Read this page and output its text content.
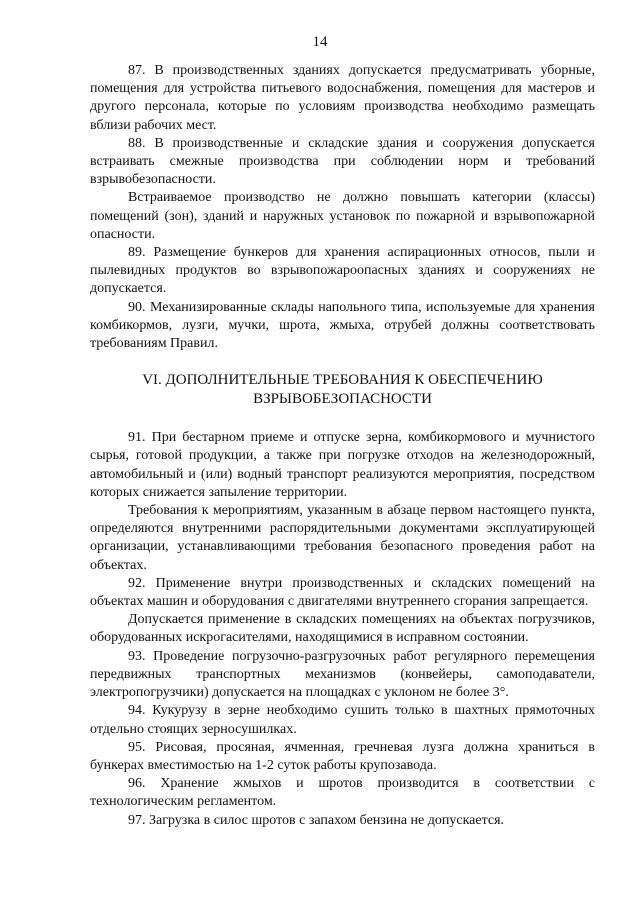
14

87. В производственных зданиях допускается предусматривать уборные, помещения для устройства питьевого водоснабжения, помещения для мастеров и другого персонала, которые по условиям производства необходимо размещать вблизи рабочих мест.

88. В производственные и складские здания и сооружения допускается встраивать смежные производства при соблюдении норм и требований взрывобезопасности.

Встраиваемое производство не должно повышать категории (классы) помещений (зон), зданий и наружных установок по пожарной и взрывопожарной опасности.

89. Размещение бункеров для хранения аспирационных относов, пыли и пылевидных продуктов во взрывопожароопасных зданиях и сооружениях не допускается.

90. Механизированные склады напольного типа, используемые для хранения комбикормов, лузги, мучки, шрота, жмыха, отрубей должны соответствовать требованиям Правил.

VI. ДОПОЛНИТЕЛЬНЫЕ ТРЕБОВАНИЯ К ОБЕСПЕЧЕНИЮ
ВЗРЫВОБЕЗОПАСНОСТИ

91. При бестарном приеме и отпуске зерна, комбикормового и мучнистого сырья, готовой продукции, а также при погрузке отходов на железнодорожный, автомобильный и (или) водный транспорт реализуются мероприятия, посредством которых снижается запыление территории.

Требования к мероприятиям, указанным в абзаце первом настоящего пункта, определяются внутренними распорядительными документами эксплуатирующей организации, устанавливающими требования безопасного проведения работ на объектах.

92. Применение внутри производственных и складских помещений на объектах машин и оборудования с двигателями внутреннего сгорания запрещается.

Допускается применение в складских помещениях на объектах погрузчиков, оборудованных искрогасителями, находящимися в исправном состоянии.

93. Проведение погрузочно-разгрузочных работ регулярного перемещения передвижных транспортных механизмов (конвейеры, самоподаватели, электропогрузчики) допускается на площадках с уклоном не более 3°.

94. Кукурузу в зерне необходимо сушить только в шахтных прямоточных отдельно стоящих зерносушилках.

95. Рисовая, просяная, ячменная, гречневая лузга должна храниться в бункерах вместимостью на 1-2 суток работы крупозавода.

96. Хранение жмыхов и шротов производится в соответствии с технологическим регламентом.

97. Загрузка в силос шротов с запахом бензина не допускается.
